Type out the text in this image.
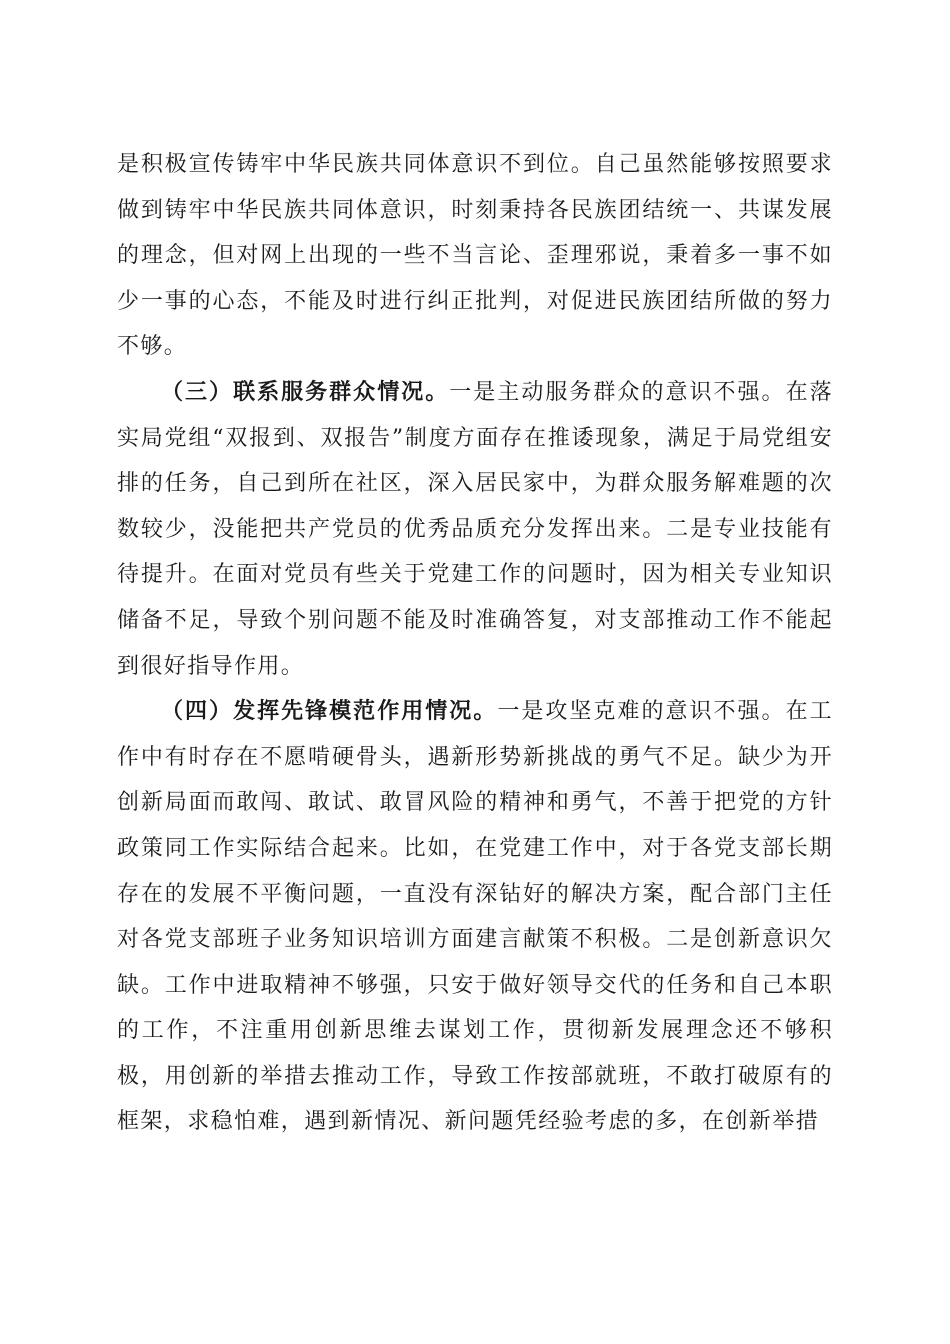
是积极宣传铸牢中华民族共同体意识不到位。自己虽然能够按照要求做到铸牢中华民族共同体意识，时刻秉持各民族团结统一、共谋发展的理念，但对网上出现的一些不当言论、歪理邪说，秉着多一事不如少一事的心态，不能及时进行纠正批判，对促进民族团结所做的努力不够。

（三）联系服务群众情况。一是主动服务群众的意识不强。在落实局党组“双报到、双报告”制度方面存在推诿现象，满足于局党组安排的任务，自己到所在社区，深入居民家中，为群众服务解难题的次数较少，没能把共产党员的优秀品质充分发挥出来。二是专业技能有待提升。在面对党员有些关于党建工作的问题时，因为相关专业知识储备不足，导致个别问题不能及时准确答复，对支部推动工作不能起到很好指导作用。

（四）发挥先锋模范作用情况。一是攻坚克难的意识不强。在工作中有时存在不愿啃硬骨头，遇新形势新挑战的勇气不足。缺少为开创新局面而敢闯、敢试、敢冒风险的精神和勇气，不善于把党的方针政策同工作实际结合起来。比如，在党建工作中，对于各党支部长期存在的发展不平衡问题，一直没有深钻好的解决方案，配合部门主任对各党支部班子业务知识培训方面建言献策不积极。二是创新意识欠缺。工作中进取精神不够强，只安于做好领导交代的任务和自己本职的工作，不注重用创新思维去谋划工作，贯彻新发展理念还不够积极，用创新的举措去推动工作，导致工作按部就班，不敢打破原有的框架，求稳怕难，遇到新情况、新问题凭经验考虑的多，在创新举措
